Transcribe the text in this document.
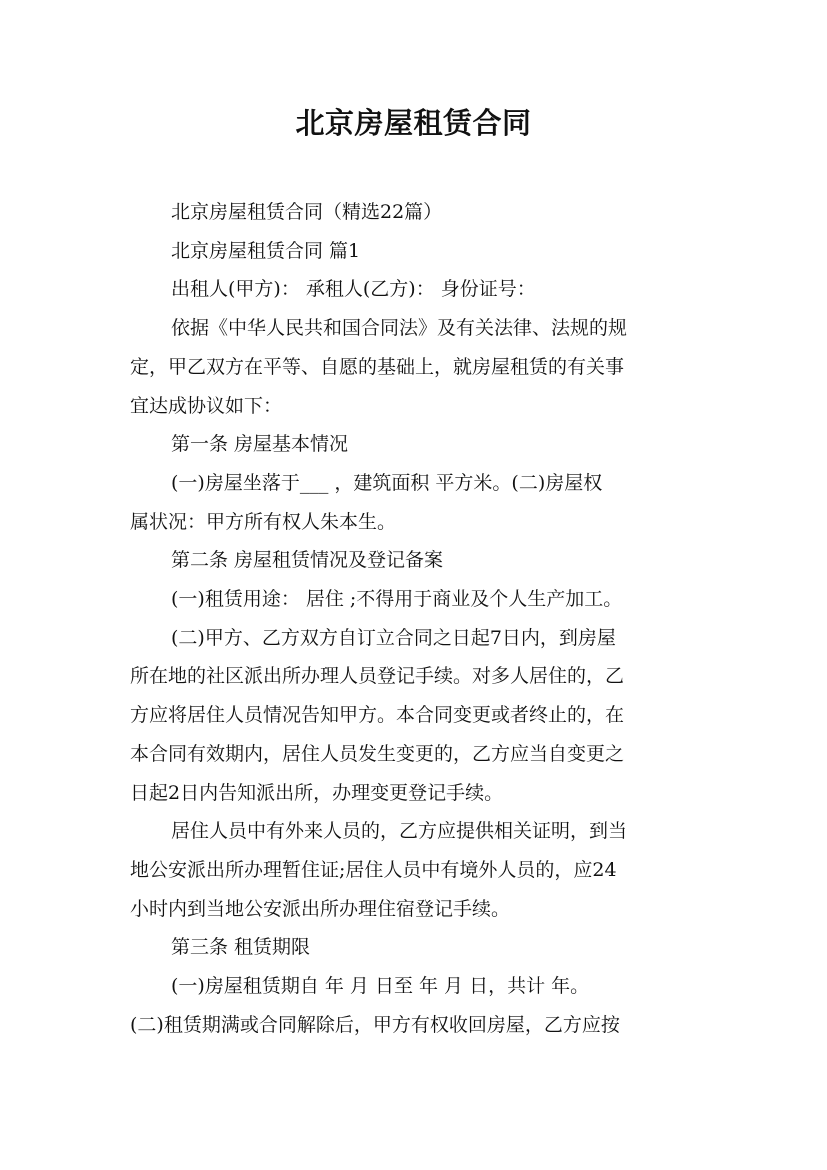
北京房屋租赁合同

北京房屋租赁合同（精选22篇）

北京房屋租赁合同 篇1

出租人(甲方)： 承租人(乙方)： 身份证号：

依据《中华人民共和国合同法》及有关法律、法规的规

定，甲乙双方在平等、自愿的基础上，就房屋租赁的有关事

宜达成协议如下：

第一条 房屋基本情况

(一)房屋坐落于___ ，建筑面积 平方米。(二)房屋权

属状况：甲方所有权人朱本生。

第二条 房屋租赁情况及登记备案

(一)租赁用途： 居住 ;不得用于商业及个人生产加工。

(二)甲方、乙方双方自订立合同之日起7日内，到房屋

所在地的社区派出所办理人员登记手续。对多人居住的，乙

方应将居住人员情况告知甲方。本合同变更或者终止的，在

本合同有效期内，居住人员发生变更的，乙方应当自变更之

日起2日内告知派出所，办理变更登记手续。

居住人员中有外来人员的，乙方应提供相关证明，到当

地公安派出所办理暂住证;居住人员中有境外人员的，应24

小时内到当地公安派出所办理住宿登记手续。

第三条 租赁期限

(一)房屋租赁期自 年 月 日至 年 月 日，共计 年。

(二)租赁期满或合同解除后，甲方有权收回房屋，乙方应按
